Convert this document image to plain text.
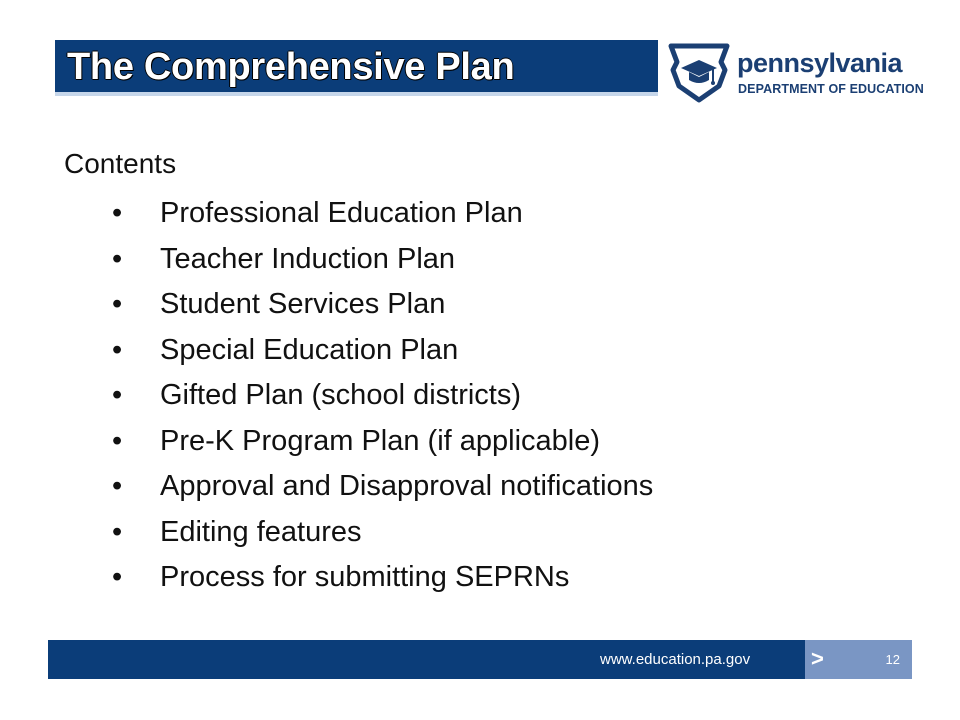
The Comprehensive Plan	pennsylvania
DEPARTMENT OF EDUCATION
Contents
•	Professional Education Plan
•	Teacher Induction Plan
•	Student Services Plan
•	Special Education Plan
•	Gifted Plan (school districts)
•	Pre-K Program Plan (if applicable)
•	Approval and Disapproval notifications
•	Editing features
•	Process for submitting SEPRNs
www.education.pa.gov	>	12
